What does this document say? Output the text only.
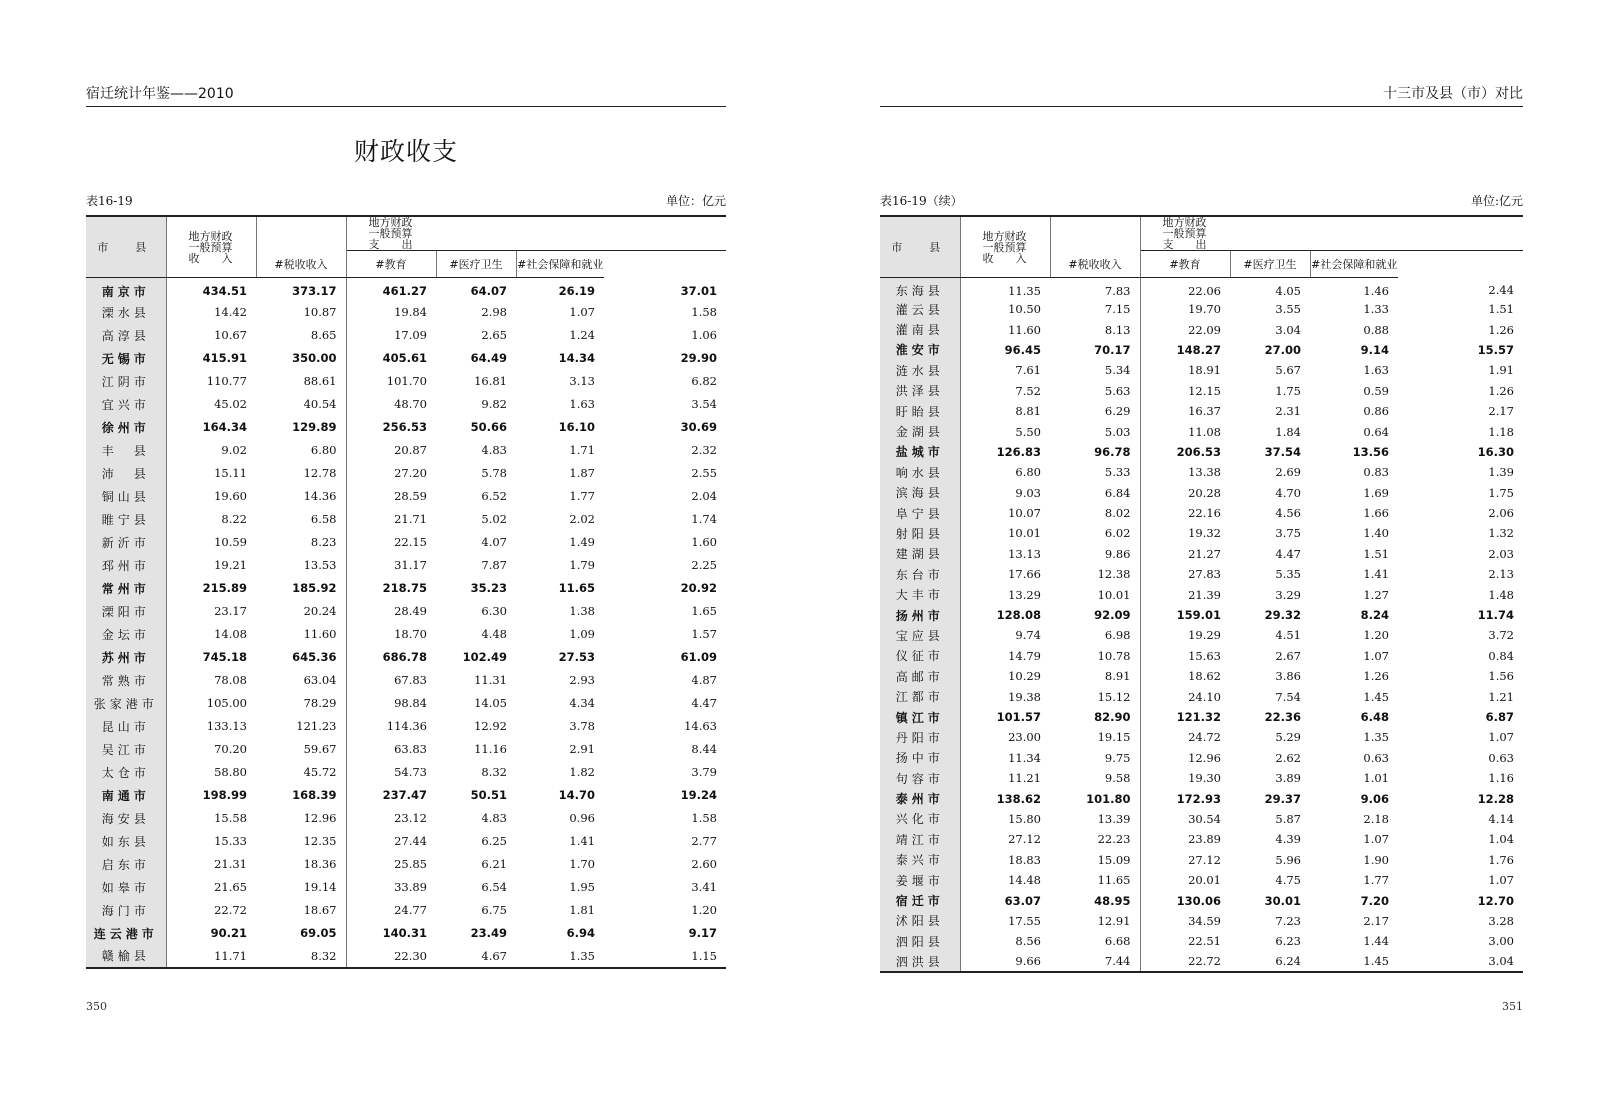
宿迁统计年鉴——2010
财政收支
表16-19	单位：亿元
市　县	地方财政
一般预算
收　　入	#税收收入	地方财政
一般预算
支　　出			

			#教育	#医疗卫生	#社会保障和就业	
南京市	434.51	373.17	461.27	64.07	26.19	37.01
溧水县	14.42	10.87	19.84	2.98	1.07	1.58
高淳县	10.67	8.65	17.09	2.65	1.24	1.06
无锡市	415.91	350.00	405.61	64.49	14.34	29.90
江阴市	110.77	88.61	101.70	16.81	3.13	6.82
宜兴市	45.02	40.54	48.70	9.82	1.63	3.54
徐州市	164.34	129.89	256.53	50.66	16.10	30.69
丰　县	9.02	6.80	20.87	4.83	1.71	2.32
沛　县	15.11	12.78	27.20	5.78	1.87	2.55
铜山县	19.60	14.36	28.59	6.52	1.77	2.04
睢宁县	8.22	6.58	21.71	5.02	2.02	1.74
新沂市	10.59	8.23	22.15	4.07	1.49	1.60
邳州市	19.21	13.53	31.17	7.87	1.79	2.25
常州市	215.89	185.92	218.75	35.23	11.65	20.92
溧阳市	23.17	20.24	28.49	6.30	1.38	1.65
金坛市	14.08	11.60	18.70	4.48	1.09	1.57
苏州市	745.18	645.36	686.78	102.49	27.53	61.09
常熟市	78.08	63.04	67.83	11.31	2.93	4.87
张家港市	105.00	78.29	98.84	14.05	4.34	4.47
昆山市	133.13	121.23	114.36	12.92	3.78	14.63
吴江市	70.20	59.67	63.83	11.16	2.91	8.44
太仓市	58.80	45.72	54.73	8.32	1.82	3.79
南通市	198.99	168.39	237.47	50.51	14.70	19.24
海安县	15.58	12.96	23.12	4.83	0.96	1.58
如东县	15.33	12.35	27.44	6.25	1.41	2.77
启东市	21.31	18.36	25.85	6.21	1.70	2.60
如皋市	21.65	19.14	33.89	6.54	1.95	3.41
海门市	22.72	18.67	24.77	6.75	1.81	1.20
连云港市	90.21	69.05	140.31	23.49	6.94	9.17
赣榆县	11.71	8.32	22.30	4.67	1.35	1.15
350
十三市及县（市）对比
表16-19（续）	单位:亿元
市　县	地方财政
一般预算
收　　入	#税收收入	地方财政
一般预算
支　　出			

			#教育	#医疗卫生	#社会保障和就业	
东海县	11.35	7.83	22.06	4.05	1.46	2.44
灌云县	10.50	7.15	19.70	3.55	1.33	1.51
灌南县	11.60	8.13	22.09	3.04	0.88	1.26
淮安市	96.45	70.17	148.27	27.00	9.14	15.57
涟水县	7.61	5.34	18.91	5.67	1.63	1.91
洪泽县	7.52	5.63	12.15	1.75	0.59	1.26
盱眙县	8.81	6.29	16.37	2.31	0.86	2.17
金湖县	5.50	5.03	11.08	1.84	0.64	1.18
盐城市	126.83	96.78	206.53	37.54	13.56	16.30
响水县	6.80	5.33	13.38	2.69	0.83	1.39
滨海县	9.03	6.84	20.28	4.70	1.69	1.75
阜宁县	10.07	8.02	22.16	4.56	1.66	2.06
射阳县	10.01	6.02	19.32	3.75	1.40	1.32
建湖县	13.13	9.86	21.27	4.47	1.51	2.03
东台市	17.66	12.38	27.83	5.35	1.41	2.13
大丰市	13.29	10.01	21.39	3.29	1.27	1.48
扬州市	128.08	92.09	159.01	29.32	8.24	11.74
宝应县	9.74	6.98	19.29	4.51	1.20	3.72
仪征市	14.79	10.78	15.63	2.67	1.07	0.84
高邮市	10.29	8.91	18.62	3.86	1.26	1.56
江都市	19.38	15.12	24.10	7.54	1.45	1.21
镇江市	101.57	82.90	121.32	22.36	6.48	6.87
丹阳市	23.00	19.15	24.72	5.29	1.35	1.07
扬中市	11.34	9.75	12.96	2.62	0.63	0.63
句容市	11.21	9.58	19.30	3.89	1.01	1.16
泰州市	138.62	101.80	172.93	29.37	9.06	12.28
兴化市	15.80	13.39	30.54	5.87	2.18	4.14
靖江市	27.12	22.23	23.89	4.39	1.07	1.04
泰兴市	18.83	15.09	27.12	5.96	1.90	1.76
姜堰市	14.48	11.65	20.01	4.75	1.77	1.07
宿迁市	63.07	48.95	130.06	30.01	7.20	12.70
沭阳县	17.55	12.91	34.59	7.23	2.17	3.28
泗阳县	8.56	6.68	22.51	6.23	1.44	3.00
泗洪县	9.66	7.44	22.72	6.24	1.45	3.04
351
